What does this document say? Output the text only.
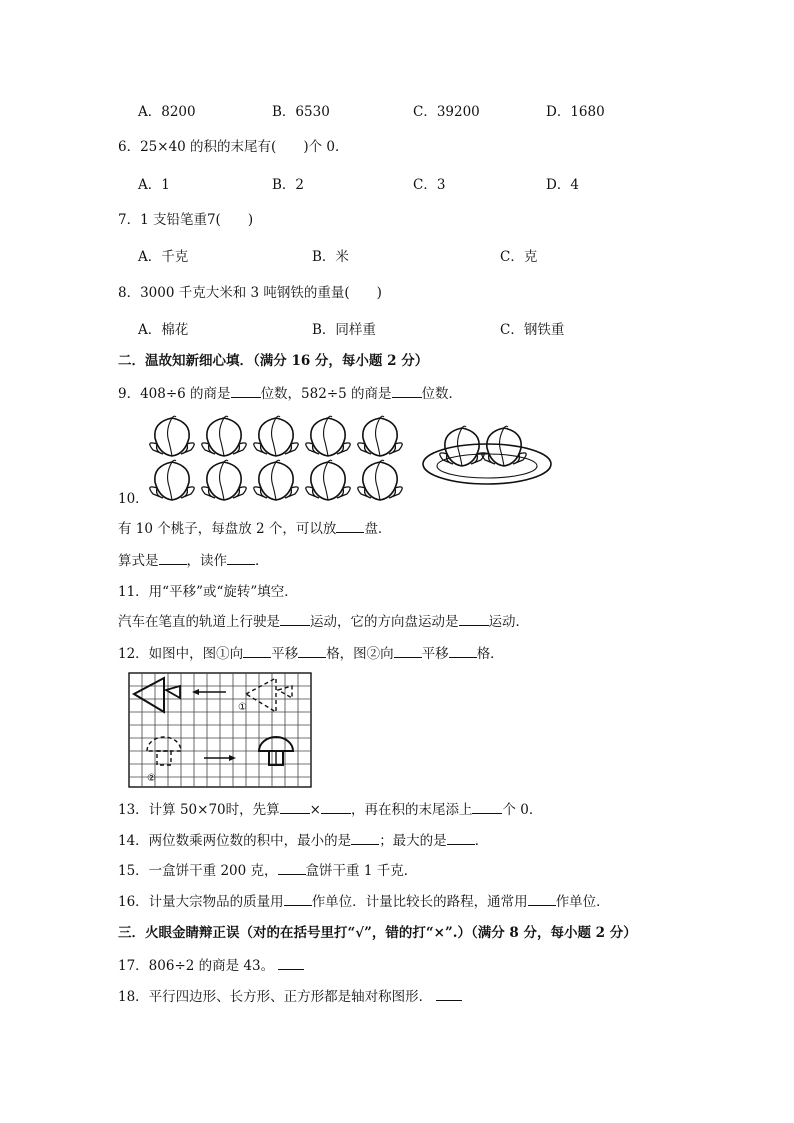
A．8200	B．6530	C．39200	D．1680
6．25×40 的积的末尾有(　　)个 0．
A．1	B．2	C．3	D．4
7．1 支铅笔重7(　　)
A．千克	B．米	C．克
8．3000 千克大米和 3 吨钢铁的重量(　　)
A．棉花	B．同样重	C．钢铁重
二．温故知新细心填．（满分 16 分，每小题 2 分）
9．408÷6 的商是 位数，582÷5 的商是 位数．
10．
有 10 个桃子，每盘放 2 个，可以放 盘．
算式是 ，读作 ．
11．用“平移”或“旋转”填空．
汽车在笔直的轨道上行驶是 运动，它的方向盘运动是 运动．
12．如图中，图①向 平移 格，图②向 平移 格．
①
②
13．计算 50×70时，先算 × ，再在积的末尾添上 个 0．
14．两位数乘两位数的积中，最小的是 ；最大的是 ．
15．一盒饼干重 200 克， 盒饼干重 1 千克．
16．计量大宗物品的质量用 作单位．计量比较长的路程，通常用 作单位．
三．火眼金睛辩正误（对的在括号里打“√”，错的打“×”.）（满分 8 分，每小题 2 分）
17．806÷2 的商是 43。
18．平行四边形、长方形、正方形都是轴对称图形．
